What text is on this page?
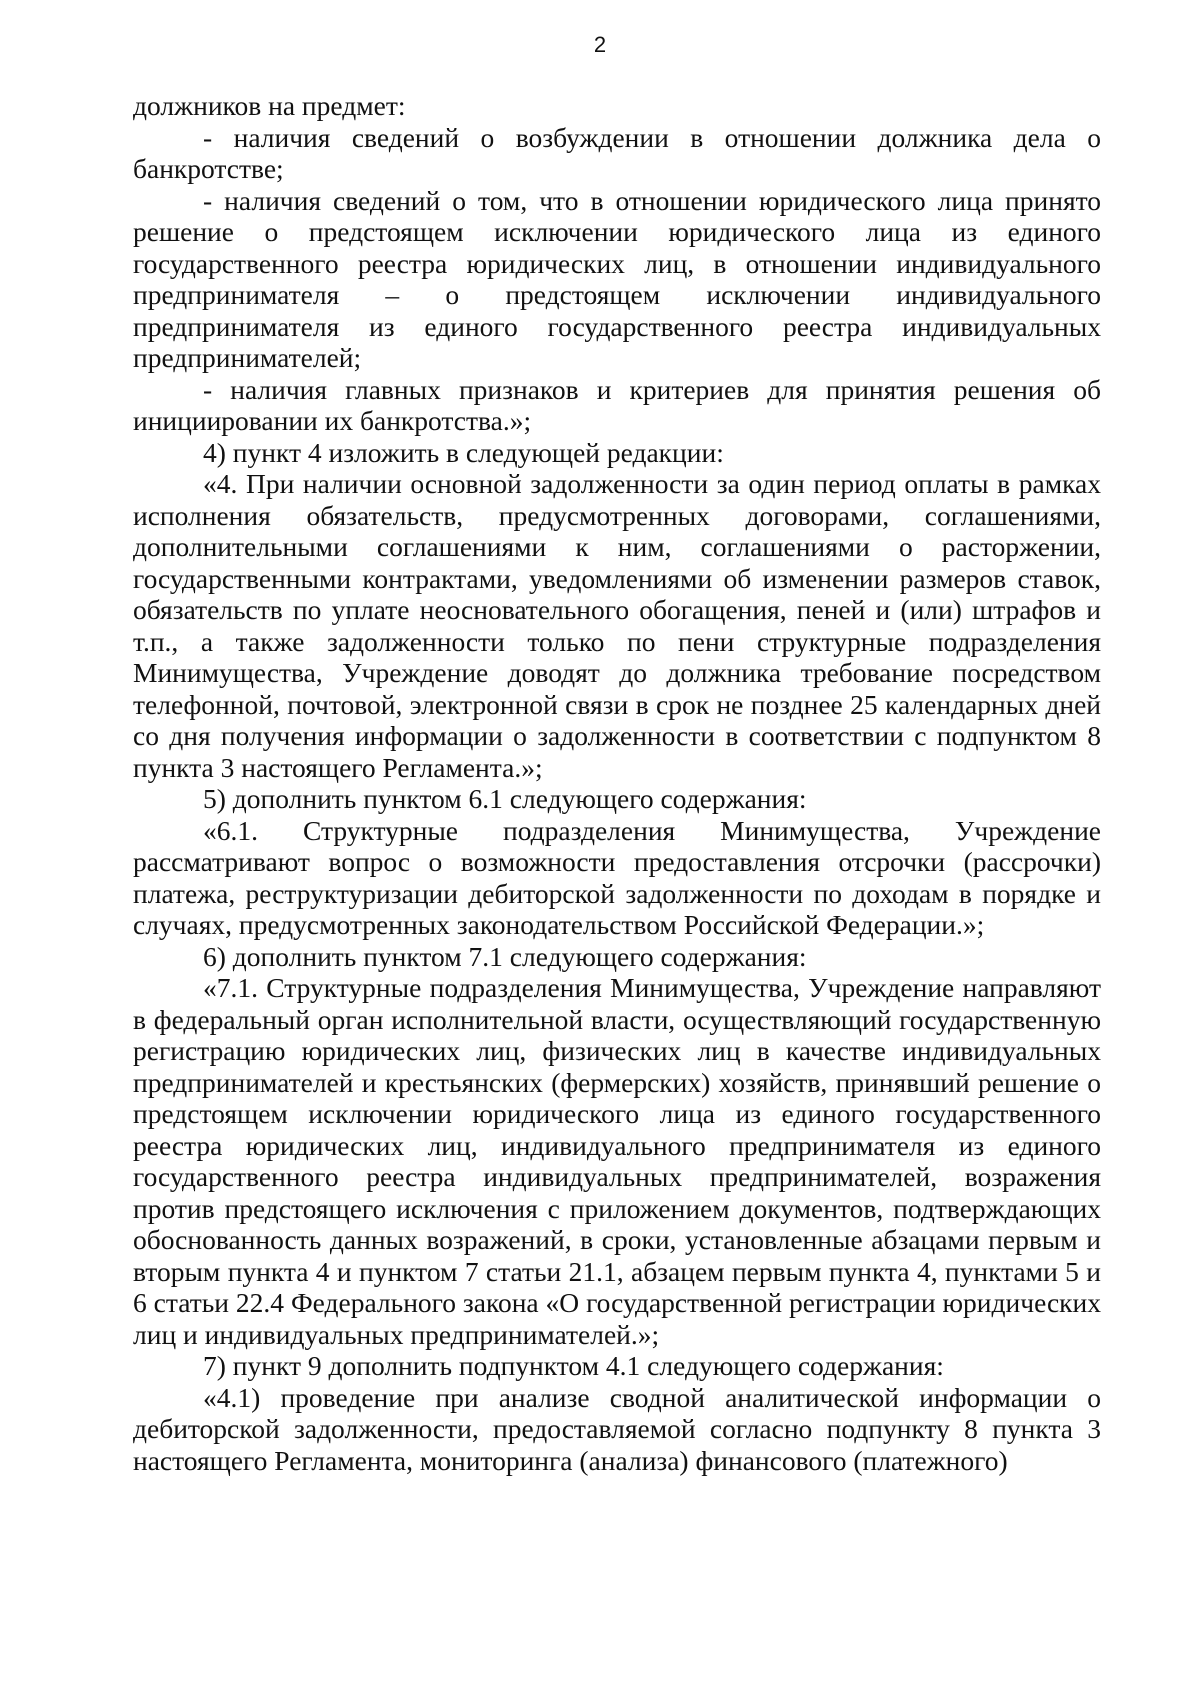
2

должников на предмет:

- наличия сведений о возбуждении в отношении должника дела о банкротстве;

- наличия сведений о том, что в отношении юридического лица принято решение о предстоящем исключении юридического лица из единого государственного реестра юридических лиц, в отношении индивидуального предпринимателя – о предстоящем исключении индивидуального предпринимателя из единого государственного реестра индивидуальных предпринимателей;

- наличия главных признаков и критериев для принятия решения об инициировании их банкротства.»;

4) пункт 4 изложить в следующей редакции:

«4. При наличии основной задолженности за один период оплаты в рамках исполнения обязательств, предусмотренных договорами, соглашениями, дополнительными соглашениями к ним, соглашениями о расторжении, государственными контрактами, уведомлениями об изменении размеров ставок, обязательств по уплате неосновательного обогащения, пеней и (или) штрафов и т.п., а также задолженности только по пени структурные подразделения Минимущества, Учреждение доводят до должника требование посредством телефонной, почтовой, электронной связи в срок не позднее 25 календарных дней со дня получения информации о задолженности в соответствии с подпунктом 8 пункта 3 настоящего Регламента.»;

5) дополнить пунктом 6.1 следующего содержания:

«6.1. Структурные подразделения Минимущества, Учреждение рассматривают вопрос о возможности предоставления отсрочки (рассрочки) платежа, реструктуризации дебиторской задолженности по доходам в порядке и случаях, предусмотренных законодательством Российской Федерации.»;

6) дополнить пунктом 7.1 следующего содержания:

«7.1. Структурные подразделения Минимущества, Учреждение направляют в федеральный орган исполнительной власти, осуществляющий государственную регистрацию юридических лиц, физических лиц в качестве индивидуальных предпринимателей и крестьянских (фермерских) хозяйств, принявший решение о предстоящем исключении юридического лица из единого государственного реестра юридических лиц, индивидуального предпринимателя из единого государственного реестра индивидуальных предпринимателей, возражения против предстоящего исключения с приложением документов, подтверждающих обоснованность данных возражений, в сроки, установленные абзацами первым и вторым пункта 4 и пунктом 7 статьи 21.1, абзацем первым пункта 4, пунктами 5 и 6 статьи 22.4 Федерального закона «О государственной регистрации юридических лиц и индивидуальных предпринимателей.»;

7) пункт 9 дополнить подпунктом 4.1 следующего содержания:

«4.1) проведение при анализе сводной аналитической информации о дебиторской задолженности, предоставляемой согласно подпункту 8 пункта 3 настоящего Регламента, мониторинга (анализа) финансового (платежного)
